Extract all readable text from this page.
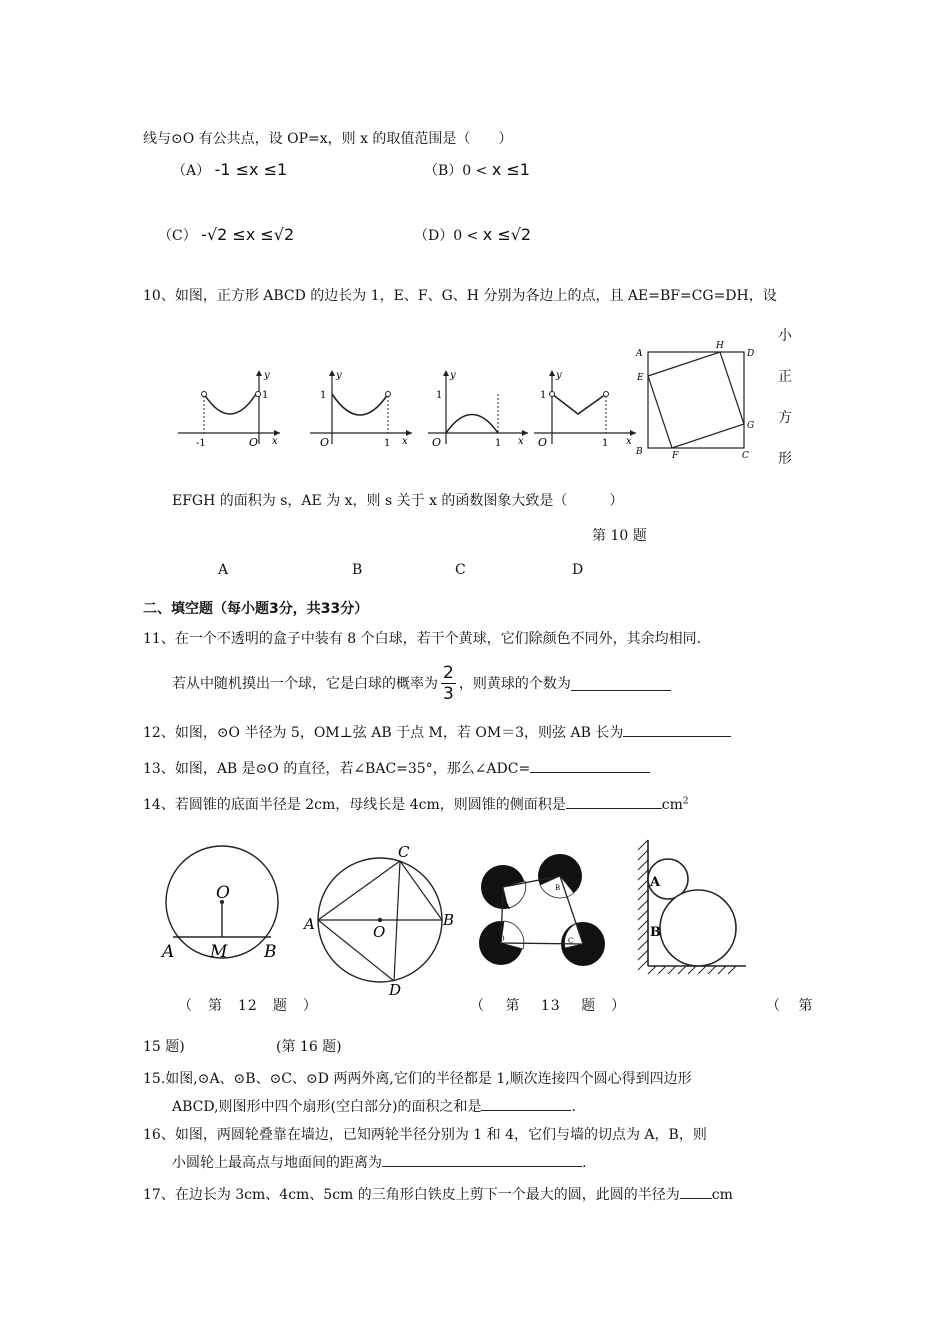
线与⊙O 有公共点，设 OP=x，则 x 的取值范围是（　　）
（A） -1 ≤x ≤1	（B）0 < x ≤1
（C） -√2 ≤x ≤√2	（D）0 < x ≤√2
10、如图，正方形 ABCD 的边长为 1，E、F、G、H 分别为各边上的点，且 AE=BF=CG=DH，设
小
正
方
形
y
x
-1	O
1
y
x
1
O	1
y
x
1
O	1
y
x
1
O	1
A
H
D
E
G
B	F	C
EFGH 的面积为 s，AE 为 x，则 s 关于 x 的函数图象大致是（　　　）
第 10 题
A	B	C	D
二、填空题（每小题3分，共33分）
11、在一个不透明的盒子中装有 8 个白球，若干个黄球，它们除颜色不同外，其余均相同.
若从中随机摸出一个球，它是白球的概率为 $\frac{2}{3}$ ，则黄球的个数为
12、如图，⊙O 半径为 5，OM⊥弦 AB 于点 M，若 OM＝3，则弦 AB 长为
13、如图，AB 是⊙O 的直径，若∠BAC=35°，那么∠ADC=
14、若圆锥的底面半径是 2cm，母线长是 4cm，则圆锥的侧面积是	$cm^2$
O
A M B
C
A	O
B
D
A
B
C
D
A
B
（　第　12　题　）	（　 第　 13　 题　）	（　 第
15 题)	(第 16 题)
15.如图,⊙A、⊙B、⊙C、⊙D 两两外离,它们的半径都是 1,顺次连接四个圆心得到四边形
ABCD,则图形中四个扇形(空白部分)的面积之和是	.
16、如图，两圆轮叠靠在墙边，已知两轮半径分别为 1 和 4，它们与墙的切点为 A，B，则
小圆轮上最高点与地面间的距离为	.
17、在边长为 3cm、4cm、5cm 的三角形白铁皮上剪下一个最大的圆，此圆的半径为 cm
